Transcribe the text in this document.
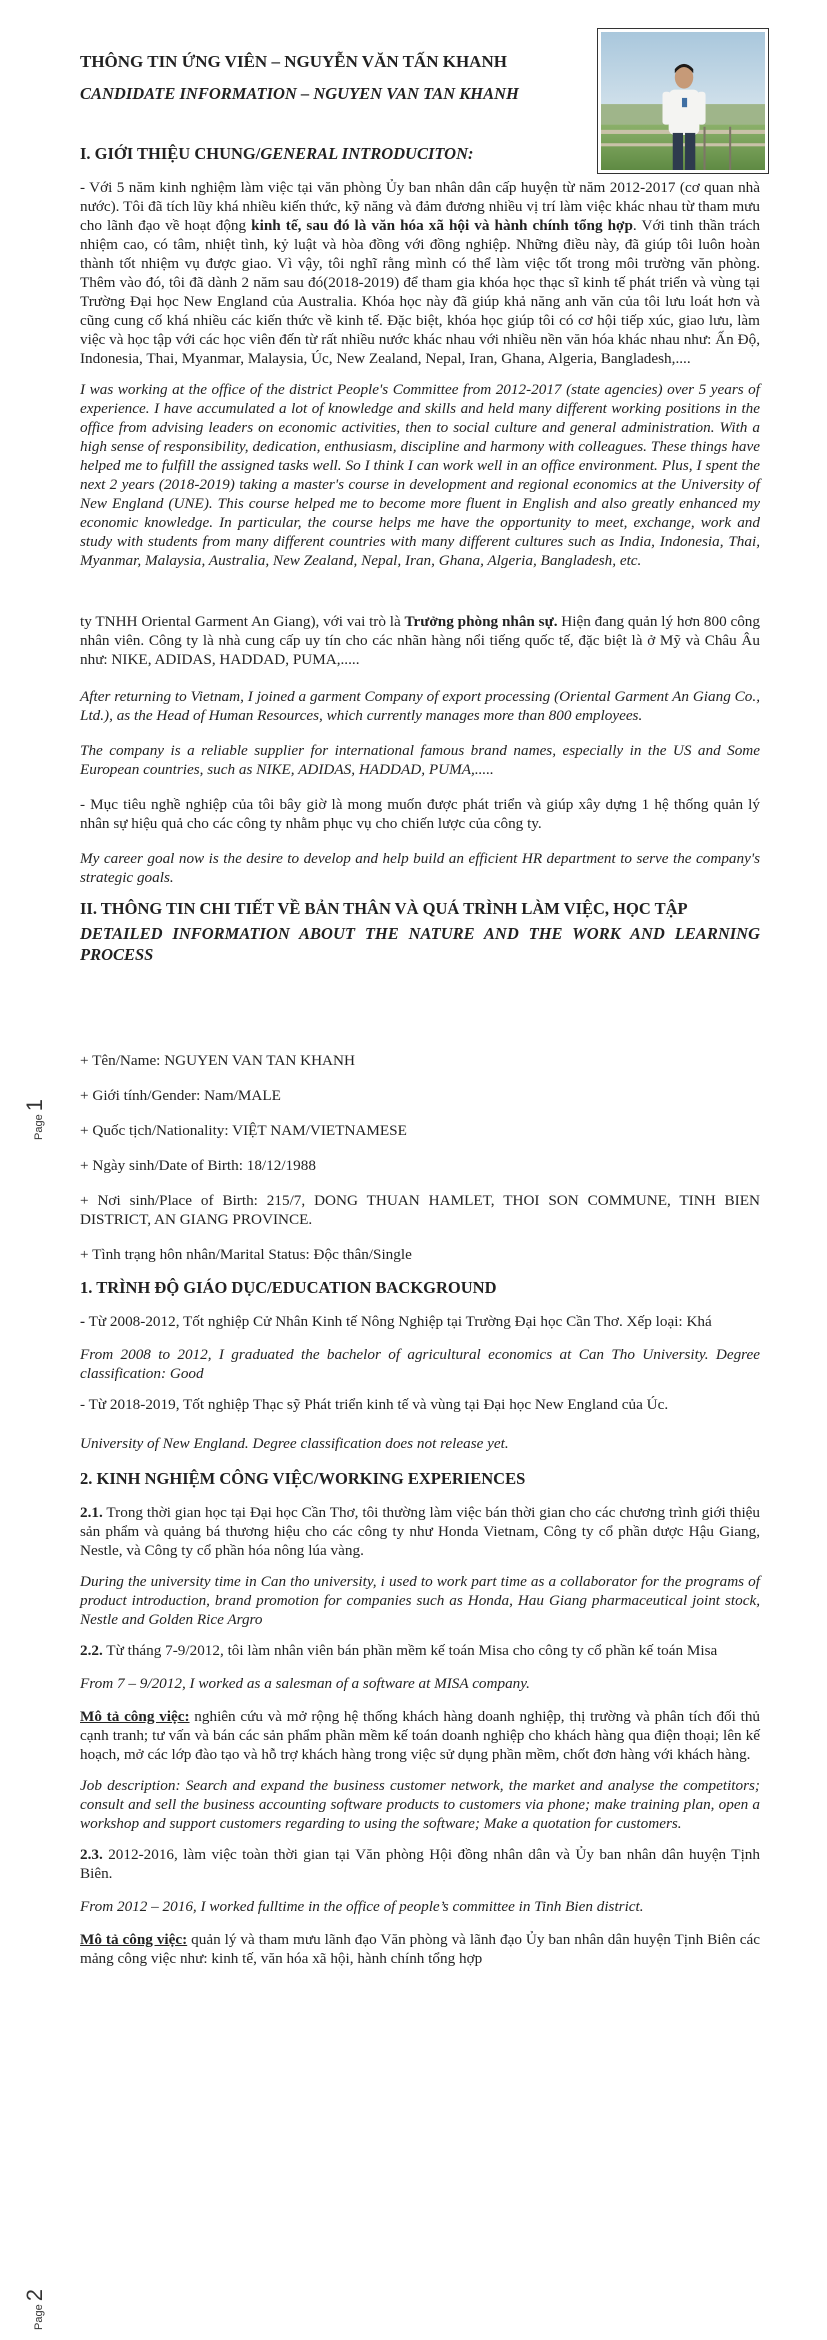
THÔNG TIN ỨNG VIÊN – NGUYỄN VĂN TẤN KHANH
CANDIDATE INFORMATION – NGUYEN VAN TAN KHANH
I. GIỚI THIỆU CHUNG/GENERAL INTRODUCITON:

- Với 5 năm kinh nghiệm làm việc tại văn phòng Ủy ban nhân dân cấp huyện từ năm 2012-2017 (cơ quan nhà nước). Tôi đã tích lũy khá nhiều kiến thức, kỹ năng và đảm đương nhiều vị trí làm việc khác nhau từ tham mưu cho lãnh đạo về hoạt động kinh tế, sau đó là văn hóa xã hội và hành chính tổng hợp. Với tinh thần trách nhiệm cao, có tâm, nhiệt tình, kỷ luật và hòa đồng với đồng nghiệp. Những điều này, đã giúp tôi luôn hoàn thành tốt nhiệm vụ được giao. Vì vậy, tôi nghĩ rằng mình có thể làm việc tốt trong môi trường văn phòng. Thêm vào đó, tôi đã dành 2 năm sau đó(2018-2019) để tham gia khóa học thạc sĩ kinh tế phát triển và vùng tại Trường Đại học New England của Australia. Khóa học này đã giúp khả năng anh văn của tôi lưu loát hơn và cũng cung cố khá nhiều các kiến thức về kinh tế. Đặc biệt, khóa học giúp tôi có cơ hội tiếp xúc, giao lưu, làm việc và học tập với các học viên đến từ rất nhiều nước khác nhau với nhiều nền văn hóa khác nhau như: Ấn Độ, Indonesia, Thai, Myanmar, Malaysia, Úc, New Zealand, Nepal, Iran, Ghana, Algeria, Bangladesh,....

I was working at the office of the district People's Committee from 2012-2017 (state agencies) over 5 years of experience. I have accumulated a lot of knowledge and skills and held many different working positions in the office from advising leaders on economic activities, then to social culture and general administration. With a high sense of responsibility, dedication, enthusiasm, discipline and harmony with colleagues. These things have helped me to fulfill the assigned tasks well. So I think I can work well in an office environment. Plus, I spent the next 2 years (2018-2019) taking a master's course in development and regional economics at the University of New England (UNE). This course helped me to become more fluent in English and also greatly enhanced my economic knowledge. In particular, the course helps me have the opportunity to meet, exchange, work and study with students from many different countries with many different cultures such as India, Indonesia, Thai, Myanmar, Malaysia, Australia, New Zealand, Nepal, Iran, Ghana, Algeria, Bangladesh, etc.

ty TNHH Oriental Garment An Giang), với vai trò là Trưởng phòng nhân sự. Hiện đang quản lý hơn 800 công nhân viên. Công ty là nhà cung cấp uy tín cho các nhãn hàng nổi tiếng quốc tế, đặc biệt là ở Mỹ và Châu Âu như: NIKE, ADIDAS, HADDAD, PUMA,.....

After returning to Vietnam, I joined a garment Company of export processing (Oriental Garment An Giang Co., Ltd.), as the Head of Human Resources, which currently manages more than 800 employees.

The company is a reliable supplier for international famous brand names, especially in the US and Some European countries, such as NIKE, ADIDAS, HADDAD, PUMA,.....

- Mục tiêu nghề nghiệp của tôi bây giờ là mong muốn được phát triển và giúp xây dựng 1 hệ thống quản lý nhân sự hiệu quả cho các công ty nhằm phục vụ cho chiến lược của công ty.

My career goal now is the desire to develop and help build an efficient HR department to serve the company's strategic goals.

II. THÔNG TIN CHI TIẾT VỀ BẢN THÂN VÀ QUÁ TRÌNH LÀM VIỆC, HỌC TẬP
DETAILED INFORMATION ABOUT THE NATURE AND THE WORK AND LEARNING PROCESS

+ Tên/Name: NGUYEN VAN TAN KHANH

+ Giới tính/Gender: Nam/MALE

+ Quốc tịch/Nationality: VIỆT NAM/VIETNAMESE

+ Ngày sinh/Date of Birth: 18/12/1988

+ Nơi sinh/Place of Birth: 215/7, DONG THUAN HAMLET, THOI SON COMMUNE, TINH BIEN DISTRICT, AN GIANG PROVINCE.

+ Tình trạng hôn nhân/Marital Status: Độc thân/Single

1. TRÌNH ĐỘ GIÁO DỤC/EDUCATION BACKGROUND

- Từ 2008-2012, Tốt nghiệp Cử Nhân Kinh tế Nông Nghiệp tại Trường Đại học Cần Thơ. Xếp loại: Khá

From 2008 to 2012, I graduated the bachelor of agricultural economics at Can Tho University. Degree classification: Good

- Từ 2018-2019, Tốt nghiệp Thạc sỹ Phát triển kinh tế và vùng tại Đại học New England của Úc.

University of New England. Degree classification does not release yet.

2. KINH NGHIỆM CÔNG VIỆC/WORKING EXPERIENCES

2.1. Trong thời gian học tại Đại học Cần Thơ, tôi thường làm việc bán thời gian cho các chương trình giới thiệu sản phẩm và quảng bá thương hiệu cho các công ty như Honda Vietnam, Công ty cổ phần dược Hậu Giang, Nestle, và Công ty cổ phần hóa nông lúa vàng.

During the university time in Can tho university, i used to work part time as a collaborator for the programs of product introduction, brand promotion for companies such as Honda, Hau Giang pharmaceutical joint stock, Nestle and Golden Rice Argro

2.2. Từ tháng 7-9/2012, tôi làm nhân viên bán phần mềm kế toán Misa cho công ty cổ phần kế toán Misa

From 7 – 9/2012, I worked as a salesman of a software at MISA company.

Mô tả công việc: nghiên cứu và mở rộng hệ thống khách hàng doanh nghiệp, thị trường và phân tích đối thủ cạnh tranh; tư vấn và bán các sản phẩm phần mềm kế toán doanh nghiệp cho khách hàng qua điện thoại; lên kế hoạch, mở các lớp đào tạo và hỗ trợ khách hàng trong việc sử dụng phần mềm, chốt đơn hàng với khách hàng.

Job description: Search and expand the business customer network, the market and analyse the competitors; consult and sell the business accounting software products to customers via phone; make training plan, open a workshop and support customers regarding to using the software; Make a quotation for customers.

2.3. 2012-2016, làm việc toàn thời gian tại Văn phòng Hội đồng nhân dân và Ủy ban nhân dân huyện Tịnh Biên.

From 2012 – 2016, I worked fulltime in the office of people’s committee in Tinh Bien district.

Mô tả công việc: quản lý và tham mưu lãnh đạo Văn phòng và lãnh đạo Ủy ban nhân dân huyện Tịnh Biên các mảng công việc như: kinh tế, văn hóa xã hội, hành chính tổng hợp

Page1
Page2
